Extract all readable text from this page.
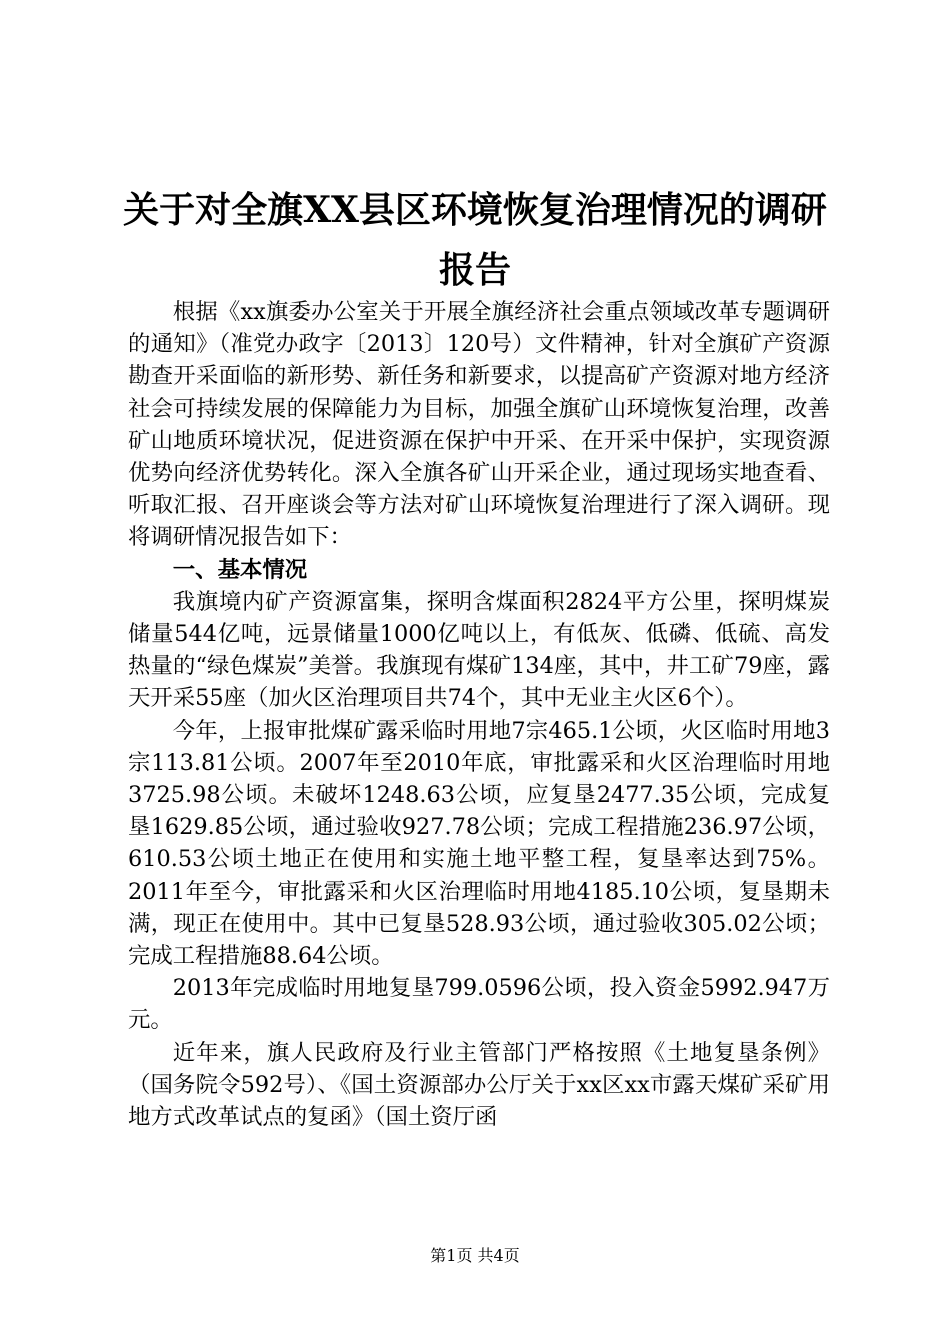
关于对全旗XX县区环境恢复治理情况的调研
报告

根据《xx旗委办公室关于开展全旗经济社会重点领域改革专题调研的通知》（准党办政字〔2013〕120号）文件精神，针对全旗矿产资源勘查开采面临的新形势、新任务和新要求，以提高矿产资源对地方经济社会可持续发展的保障能力为目标，加强全旗矿山环境恢复治理，改善矿山地质环境状况，促进资源在保护中开采、在开采中保护，实现资源优势向经济优势转化。深入全旗各矿山开采企业，通过现场实地查看、听取汇报、召开座谈会等方法对矿山环境恢复治理进行了深入调研。现将调研情况报告如下：

一、基本情况

我旗境内矿产资源富集，探明含煤面积2824平方公里，探明煤炭储量544亿吨，远景储量1000亿吨以上，有低灰、低磷、低硫、高发热量的“绿色煤炭”美誉。我旗现有煤矿134座，其中，井工矿79座，露天开采55座（加火区治理项目共74个，其中无业主火区6个）。

今年，上报审批煤矿露采临时用地7宗465.1公顷，火区临时用地3宗113.81公顷。2007年至2010年底，审批露采和火区治理临时用地3725.98公顷。未破坏1248.63公顷，应复垦2477.35公顷，完成复垦1629.85公顷，通过验收927.78公顷；完成工程措施236.97公顷，610.53公顷土地正在使用和实施土地平整工程，复垦率达到75%。2011年至今，审批露采和火区治理临时用地4185.10公顷，复垦期未满，现正在使用中。其中已复垦528.93公顷，通过验收305.02公顷；完成工程措施88.64公顷。

2013年完成临时用地复垦799.0596公顷，投入资金5992.947万元。

近年来，旗人民政府及行业主管部门严格按照《土地复垦条例》（国务院令592号）、《国土资源部办公厅关于xx区xx市露天煤矿采矿用地方式改革试点的复函》（国土资厅函

第1页 共4页
